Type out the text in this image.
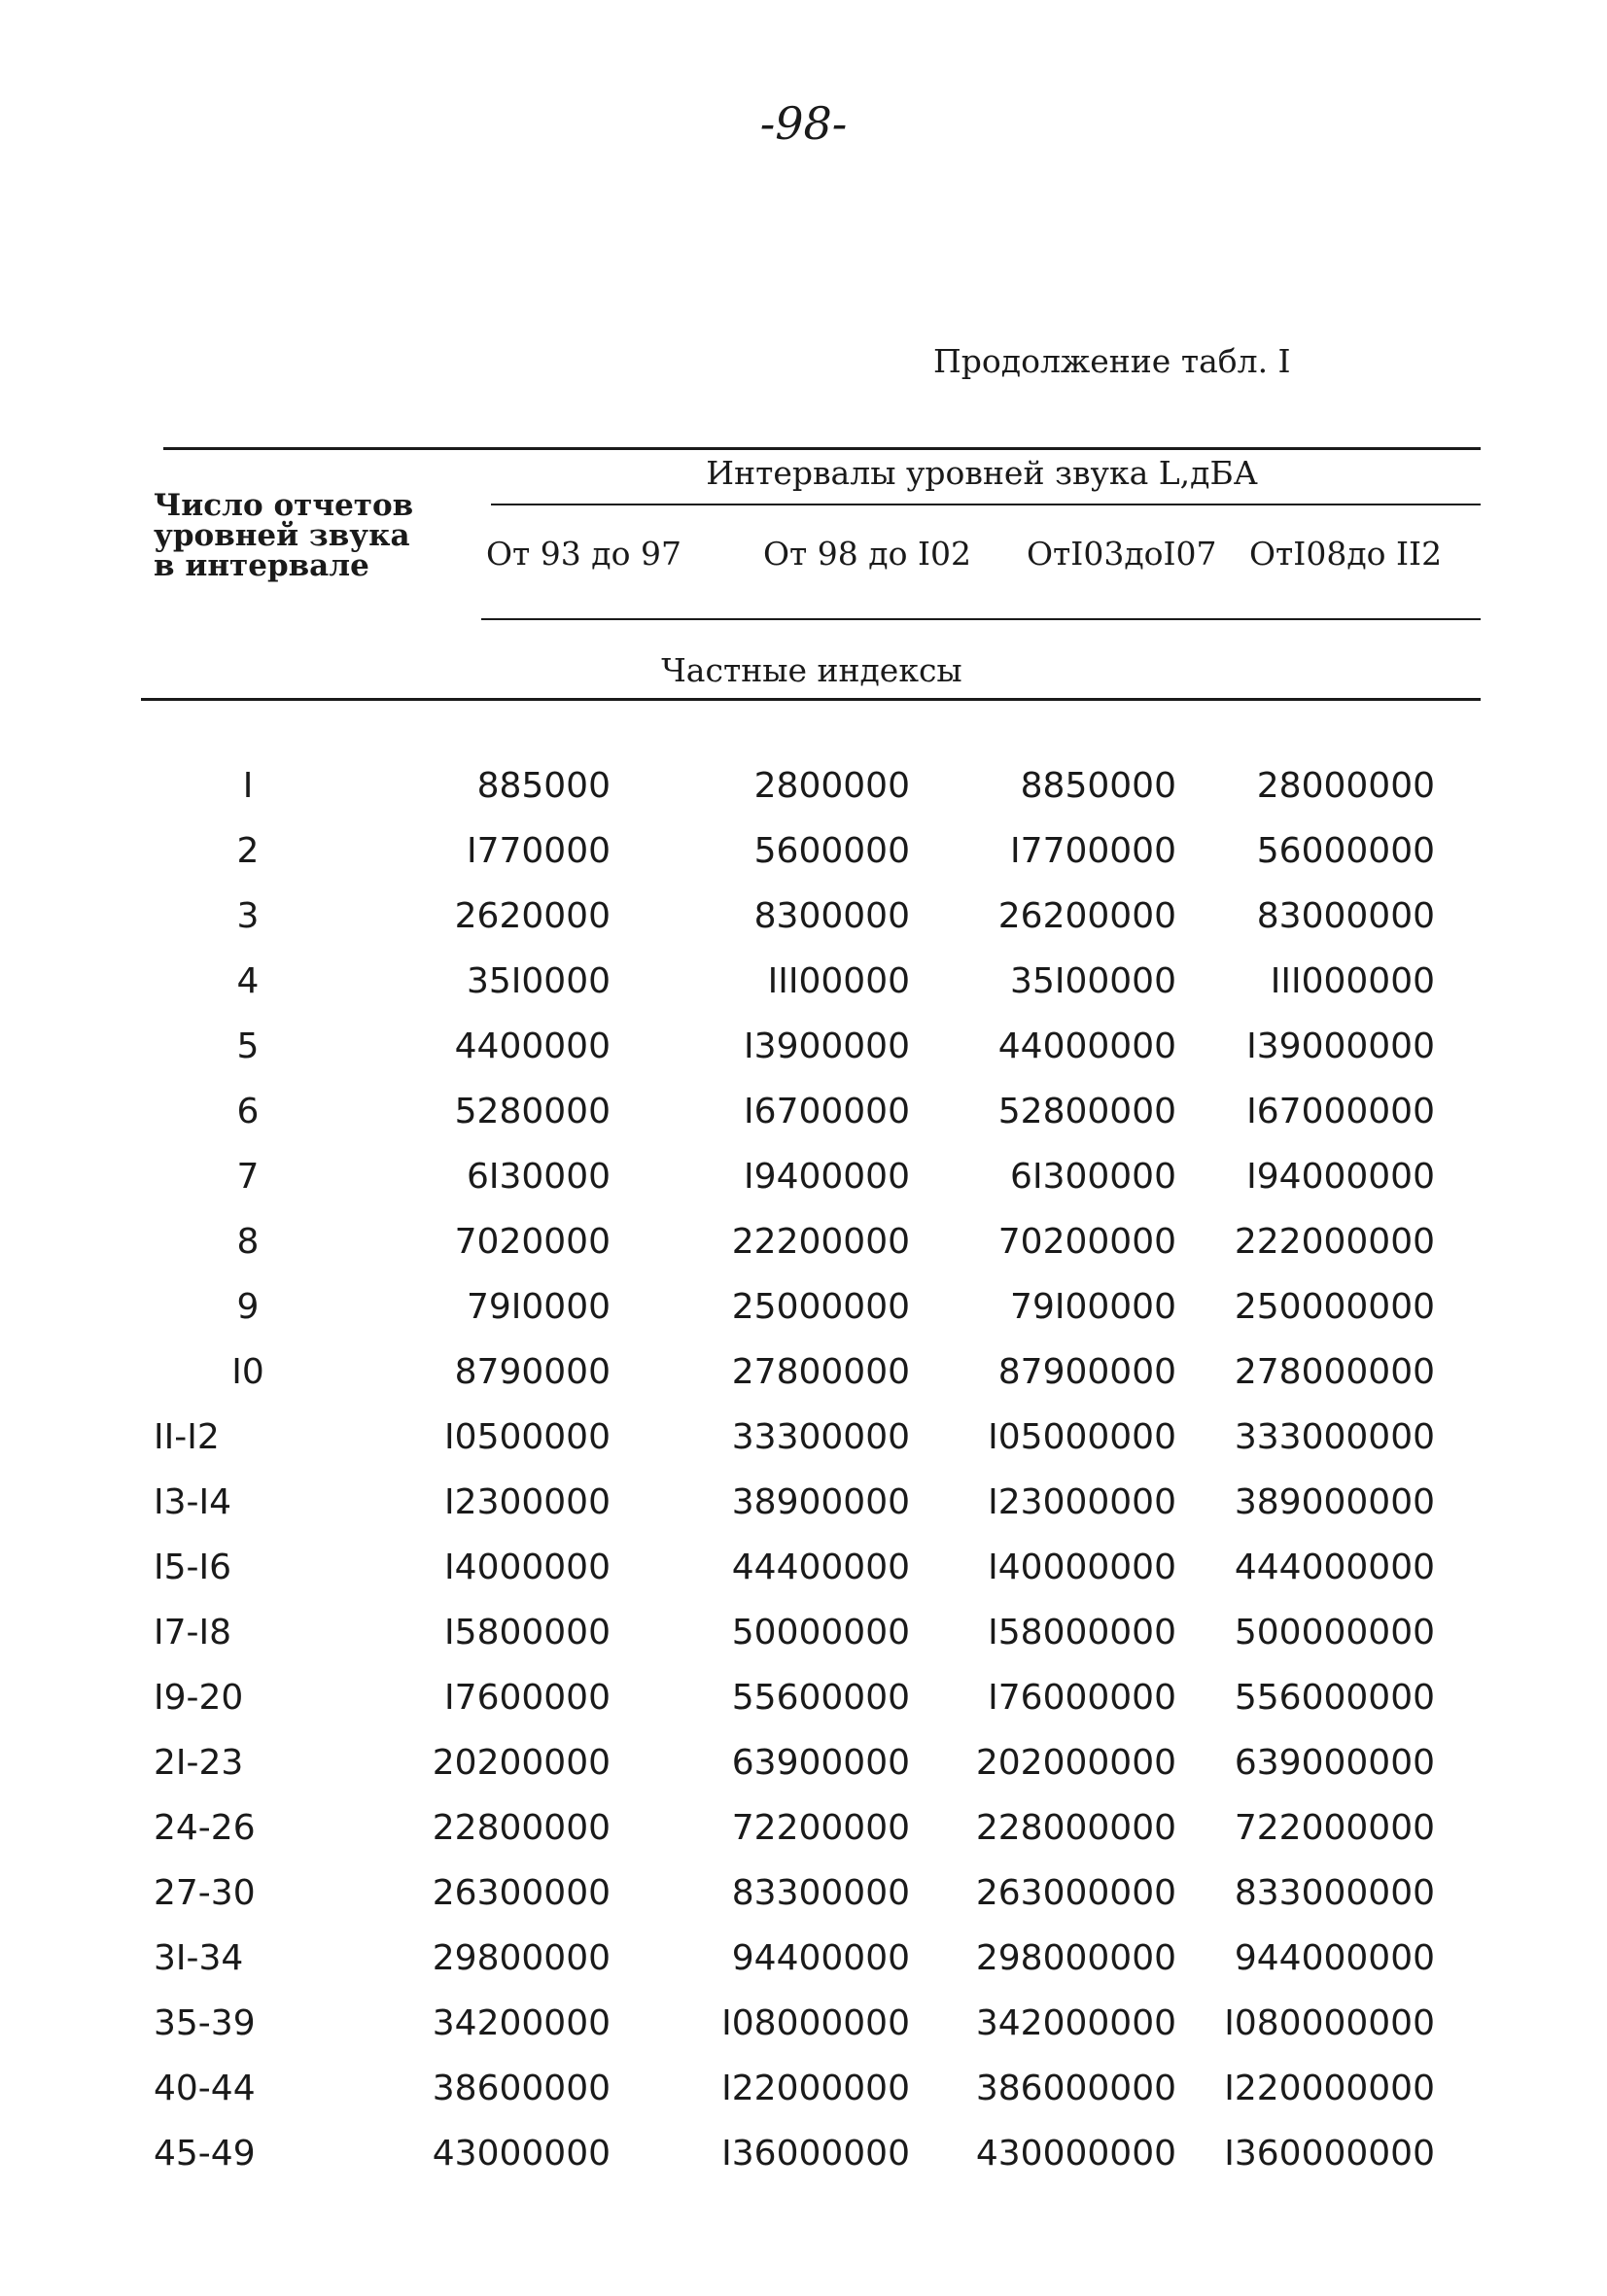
-98-
Продолжение табл. I
Число отчетов
уровней звука
в интервале
Интервалы уровней звука L,дБА
От 93 до 97	От 98 до I02 ОтI03доI07 ОтI08до II2
Частные индексы
I	885000	2800000	8850000	28000000
2	I770000	5600000	I7700000	56000000
3	2620000	8300000	26200000	83000000
4	35I0000	III00000	35I00000	III000000
5	4400000	I3900000	44000000	I39000000
6	5280000	I6700000	52800000	I67000000
7	6I30000	I9400000	6I300000	I94000000
8	7020000	22200000	70200000	222000000
9	79I0000	25000000	79I00000	250000000
I0	8790000	27800000	87900000	278000000
II-I2	I0500000	33300000	I05000000	333000000
I3-I4	I2300000	38900000	I23000000	389000000
I5-I6	I4000000	44400000	I40000000	444000000
I7-I8	I5800000	50000000	I58000000	500000000
I9-20	I7600000	55600000	I76000000	556000000
2I-23	20200000	63900000	202000000	639000000
24-26	22800000	72200000	228000000	722000000
27-30	26300000	83300000	263000000	833000000
3I-34	29800000	94400000	298000000	944000000
35-39	34200000	I08000000	342000000	I080000000
40-44	38600000	I22000000	386000000	I220000000
45-49	43000000	I36000000	430000000	I360000000
